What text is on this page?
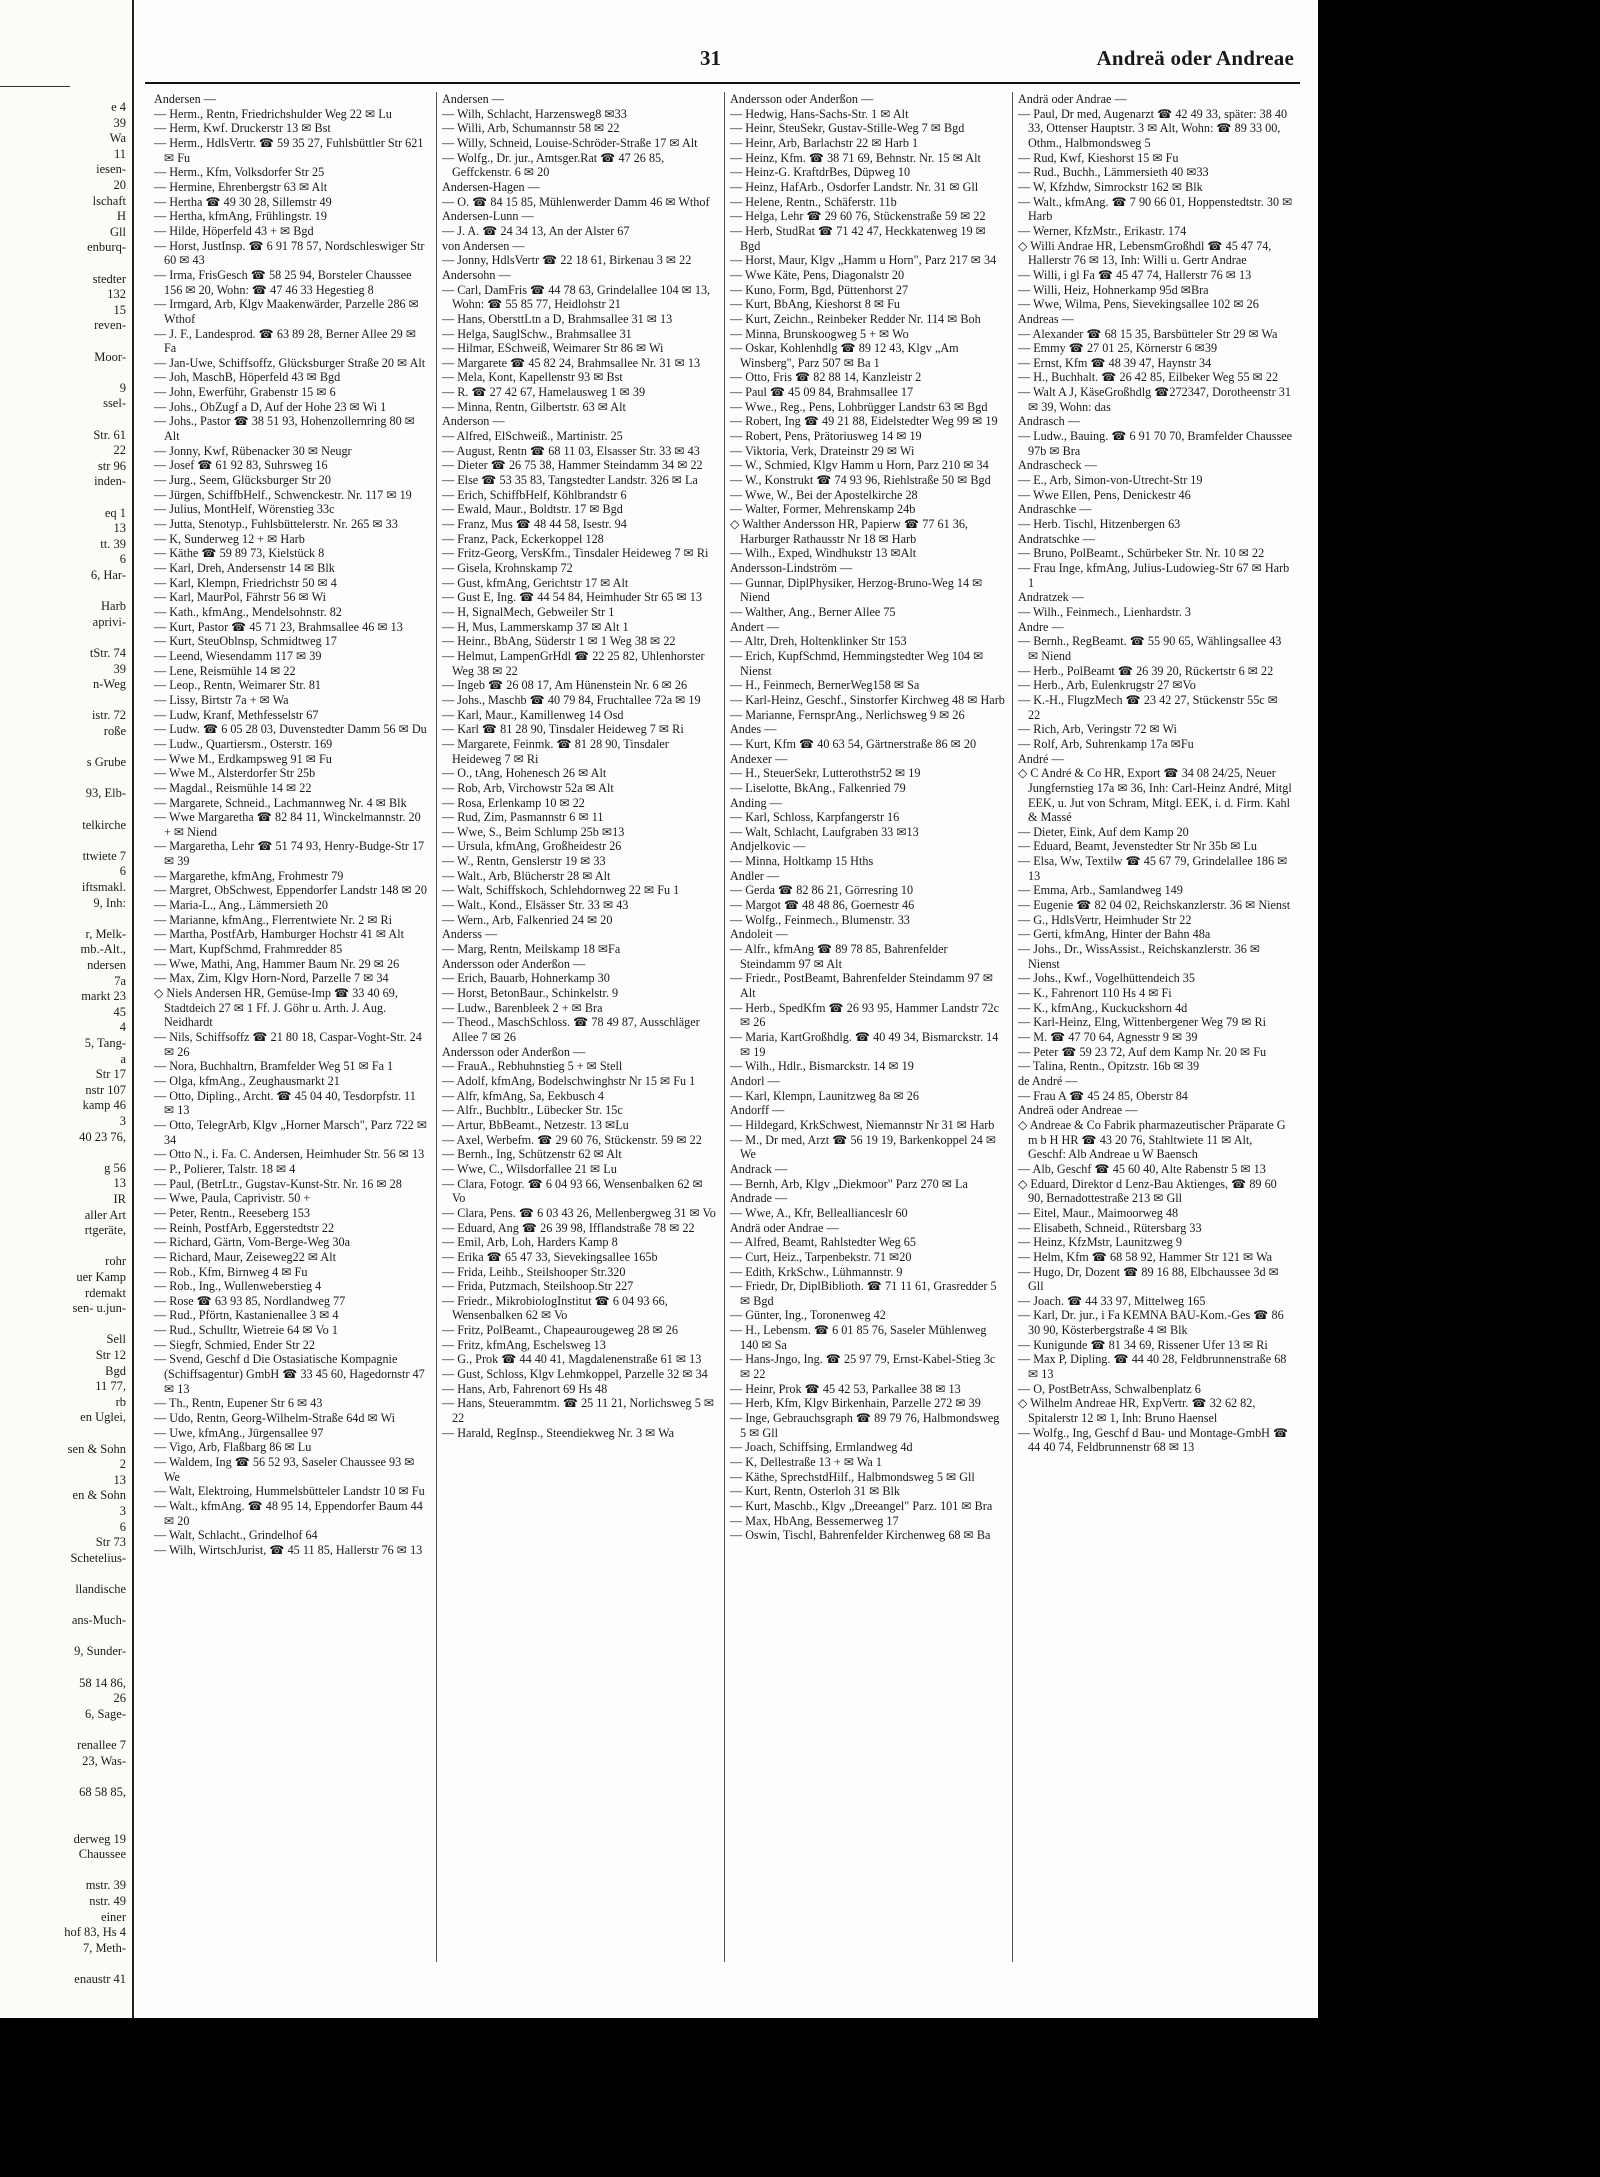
e 4
39
Wa
11
iesen-
20
lschaft
H
Gll
enburq-
stedter
132
15
reven-
Moor-
9
ssel-
Str. 61
22
str 96
inden-
eq 1
13
tt. 39
6
6, Har-
Harb
aprivi-
tStr. 74
39
n-Weg
istr. 72
roße
s Grube
93, Elb-
telkirche
ttwiete 7
6
iftsmakl.
9, Inh:
r, Melk-
mb.-Alt.,
ndersen
7a
markt 23
45
4
5, Tang-
a
Str 17
nstr 107
kamp 46
3
40 23 76,
g 56
13
IR
aller Art
rtgeräte,
rohr
uer Kamp
rdemakt
sen- u.jun-
Sell
Str 12
Bgd
11 77,
rb
en Uglei,
sen & Sohn
2
13
en & Sohn
3
6
Str 73
Schetelius-
llandische
ans-Much-
9, Sunder-
58 14 86,
26
6, Sage-
renallee 7
23, Was-
68 58 85,
derweg 19
Chaussee
mstr. 39
nstr. 49
einer
hof 83, Hs 4
7, Meth-
enaustr 41
31	Andreä oder Andreae

Andersen —

— Herm., Rentn, Friedrichshulder Weg 22 ✉ Lu

— Herm, Kwf. Druckerstr 13 ✉ Bst

— Herm., HdlsVertr. ☎ 59 35 27, Fuhlsbüttler Str 621 ✉ Fu

— Herm., Kfm, Volksdorfer Str 25

— Hermine, Ehrenbergstr 63 ✉ Alt

— Hertha ☎ 49 30 28, Sillemstr 49

— Hertha, kfmAng, Frühlingstr. 19

— Hilde, Höperfeld 43 + ✉ Bgd

— Horst, JustInsp. ☎ 6 91 78 57, Nordschleswiger Str 60 ✉ 43

— Irma, FrisGesch ☎ 58 25 94, Borsteler Chaussee 156 ✉ 20, Wohn: ☎ 47 46 33 Hegestieg 8

— Irmgard, Arb, Klgv Maakenwärder, Parzelle 286 ✉ Wthof

— J. F., Landesprod. ☎ 63 89 28, Berner Allee 29 ✉ Fa

— Jan-Uwe, Schiffsoffz, Glücksburger Straße 20 ✉ Alt

— Joh, MaschB, Höperfeld 43 ✉ Bgd

— John, Ewerführ, Grabenstr 15 ✉ 6

— Johs., ObZugf a D, Auf der Hohe 23 ✉ Wi 1

— Johs., Pastor ☎ 38 51 93, Hohenzollernring 80 ✉ Alt

— Jonny, Kwf, Rübenacker 30 ✉ Neugr

— Josef ☎ 61 92 83, Suhrsweg 16

— Jurg., Seem, Glücksburger Str 20

— Jürgen, SchiffbHelf., Schwenckestr. Nr. 117 ✉ 19

— Julius, MontHelf, Wörenstieg 33c

— Jutta, Stenotyp., Fuhlsbüttelerstr. Nr. 265 ✉ 33

— K, Sunderweg 12 + ✉ Harb

— Käthe ☎ 59 89 73, Kielstück 8

— Karl, Dreh, Andersenstr 14 ✉ Blk

— Karl, Klempn, Friedrichstr 50 ✉ 4

— Karl, MaurPol, Fährstr 56 ✉ Wi

— Kath., kfmAng., Mendelsohnstr. 82

— Kurt, Pastor ☎ 45 71 23, Brahmsallee 46 ✉ 13

— Kurt, SteuOblnsp, Schmidtweg 17

— Leend, Wiesendamm 117 ✉ 39

— Lene, Reismühle 14 ✉ 22

— Leop., Rentn, Weimarer Str. 81

— Lissy, Birtstr 7a + ✉ Wa

— Ludw, Kranf, Methfesselstr 67

— Ludw. ☎ 6 05 28 03, Duvenstedter Damm 56 ✉ Du

— Ludw., Quartiersm., Osterstr. 169

— Wwe M., Erdkampsweg 91 ✉ Fu

— Wwe M., Alsterdorfer Str 25b

— Magdal., Reismühle 14 ✉ 22

— Margarete, Schneid., Lachmannweg Nr. 4 ✉ Blk

— Wwe Margaretha ☎ 82 84 11, Winckelmannstr. 20 + ✉ Niend

— Margaretha, Lehr ☎ 51 74 93, Henry-Budge-Str 17 ✉ 39

— Margarethe, kfmAng, Frohmestr 79

— Margret, ObSchwest, Eppendorfer Landstr 148 ✉ 20

— Maria-L., Ang., Lämmersieth 20

— Marianne, kfmAng., Flerrentwiete Nr. 2 ✉ Ri

— Martha, PostfArb, Hamburger Hochstr 41 ✉ Alt

— Mart, KupfSchmd, Frahmredder 85

— Wwe, Mathi, Ang, Hammer Baum Nr. 29 ✉ 26

— Max, Zim, Klgv Horn-Nord, Parzelle 7 ✉ 34

◇ Niels Andersen HR, Gemüse-Imp ☎ 33 40 69, Stadtdeich 27 ✉ 1 Ff. J. Göhr u. Arth. J. Aug. Neidhardt

— Nils, Schiffsoffz ☎ 21 80 18, Caspar-Voght-Str. 24 ✉ 26

— Nora, Buchhaltrn, Bramfelder Weg 51 ✉ Fa 1

— Olga, kfmAng., Zeughausmarkt 21

— Otto, Dipling., Archt. ☎ 45 04 40, Tesdorpfstr. 11 ✉ 13

— Otto, TelegrArb, Klgv „Horner Marsch", Parz 722 ✉ 34

— Otto N., i. Fa. C. Andersen, Heimhuder Str. 56 ✉ 13

— P., Polierer, Talstr. 18 ✉ 4

— Paul, (BetrLtr., Gugstav-Kunst-Str. Nr. 16 ✉ 28

— Wwe, Paula, Caprivistr. 50 +

— Peter, Rentn., Reeseberg 153

— Reinh, PostfArb, Eggerstedtstr 22

— Richard, Gärtn, Vom-Berge-Weg 30a

— Richard, Maur, Zeiseweg22 ✉ Alt

— Rob., Kfm, Birnweg 4 ✉ Fu

— Rob., Ing., Wullenweberstieg 4

— Rose ☎ 63 93 85, Nordlandweg 77

— Rud., Pförtn, Kastanienallee 3 ✉ 4

— Rud., Schulltr, Wietreie 64 ✉ Vo 1

— Siegfr, Schmied, Ender Str 22

— Svend, Geschf d Die Ostasiatische Kompagnie (Schiffsagentur) GmbH ☎ 33 45 60, Hagedornstr 47 ✉ 13

— Th., Rentn, Eupener Str 6 ✉ 43

— Udo, Rentn, Georg-Wilhelm-Straße 64d ✉ Wi

— Uwe, kfmAng., Jürgensallee 97

— Vigo, Arb, Flaßbarg 86 ✉ Lu

— Waldem, Ing ☎ 56 52 93, Saseler Chaussee 93 ✉ We

— Walt, Elektroing, Hummelsbütteler Landstr 10 ✉ Fu

— Walt., kfmAng. ☎ 48 95 14, Eppendorfer Baum 44 ✉ 20

— Walt, Schlacht., Grindelhof 64

— Wilh, WirtschJurist, ☎ 45 11 85, Hallerstr 76 ✉ 13

Andersen —

— Wilh, Schlacht, Harzensweg8 ✉33

— Willi, Arb, Schumannstr 58 ✉ 22

— Willy, Schneid, Louise-Schröder-Straße 17 ✉ Alt

— Wolfg., Dr. jur., Amtsger.Rat ☎ 47 26 85, Geffckenstr. 6 ✉ 20

Andersen-Hagen —

— O. ☎ 84 15 85, Mühlenwerder Damm 46 ✉ Wthof

Andersen-Lunn —

— J. A. ☎ 24 34 13, An der Alster 67

von Andersen —

— Jonny, HdlsVertr ☎ 22 18 61, Birkenau 3 ✉ 22

Andersohn —

— Carl, DamFris ☎ 44 78 63, Grindelallee 104 ✉ 13, Wohn: ☎ 55 85 77, Heidlohstr 21

— Hans, ObersttLtn a D, Brahmsallee 31 ✉ 13

— Helga, SauglSchw., Brahmsallee 31

— Hilmar, ESchweiß, Weimarer Str 86 ✉ Wi

— Margarete ☎ 45 82 24, Brahmsallee Nr. 31 ✉ 13

— Mela, Kont, Kapellenstr 93 ✉ Bst

— R. ☎ 27 42 67, Hamelausweg 1 ✉ 39

— Minna, Rentn, Gilbertstr. 63 ✉ Alt

Anderson —

— Alfred, ElSchweiß., Martinistr. 25

— August, Rentn ☎ 68 11 03, Elsasser Str. 33 ✉ 43

— Dieter ☎ 26 75 38, Hammer Steindamm 34 ✉ 22

— Else ☎ 53 35 83, Tangstedter Landstr. 326 ✉ La

— Erich, SchiffbHelf, Köhlbrandstr 6

— Ewald, Maur., Boldtstr. 17 ✉ Bgd

— Franz, Mus ☎ 48 44 58, Isestr. 94

— Franz, Pack, Eckerkoppel 128

— Fritz-Georg, VersKfm., Tinsdaler Heideweg 7 ✉ Ri

— Gisela, Krohnskamp 72

— Gust, kfmAng, Gerichtstr 17 ✉ Alt

— Gust E, Ing. ☎ 44 54 84, Heimhuder Str 65 ✉ 13

— H, SignalMech, Gebweiler Str 1

— H, Mus, Lammerskamp 37 ✉ Alt 1

— Heinr., BbAng, Süderstr 1 ✉ 1 Weg 38 ✉ 22

— Helmut, LampenGrHdl ☎ 22 25 82, Uhlenhorster Weg 38 ✉ 22

— Ingeb ☎ 26 08 17, Am Hünenstein Nr. 6 ✉ 26

— Johs., Maschb ☎ 40 79 84, Fruchtallee 72a ✉ 19

— Karl, Maur., Kamillenweg 14 Osd

— Karl ☎ 81 28 90, Tinsdaler Heideweg 7 ✉ Ri

— Margarete, Feinmk. ☎ 81 28 90, Tinsdaler Heideweg 7 ✉ Ri

— O., tAng, Hohenesch 26 ✉ Alt

— Rob, Arb, Virchowstr 52a ✉ Alt

— Rosa, Erlenkamp 10 ✉ 22

— Rud, Zim, Pasmannstr 6 ✉ 11

— Wwe, S., Beim Schlump 25b ✉13

— Ursula, kfmAng, Großheidestr 26

— W., Rentn, Genslerstr 19 ✉ 33

— Walt., Arb, Blücherstr 28 ✉ Alt

— Walt, Schiffskoch, Schlehdornweg 22 ✉ Fu 1

— Walt., Kond., Elsässer Str. 33 ✉ 43

— Wern., Arb, Falkenried 24 ✉ 20

Anderss —

— Marg, Rentn, Meilskamp 18 ✉Fa

Andersson oder Anderßon —

— Erich, Bauarb, Hohnerkamp 30

— Horst, BetonBaur., Schinkelstr. 9

— Ludw., Barenbleek 2 + ✉ Bra

— Theod., MaschSchloss. ☎ 78 49 87, Ausschläger Allee 7 ✉ 26

Andersson oder Anderßon —

— FrauA., Rebhuhnstieg 5 + ✉ Stell

— Adolf, kfmAng, Bodelschwinghstr Nr 15 ✉ Fu 1

— Alfr, kfmAng, Sa, Eekbusch 4

— Alfr., Buchbltr., Lübecker Str. 15c

— Artur, BbBeamt., Netzestr. 13 ✉Lu

— Axel, Werbefm. ☎ 29 60 76, Stückenstr. 59 ✉ 22

— Bernh., Ing, Schützenstr 62 ✉ Alt

— Wwe, C., Wilsdorfallee 21 ✉ Lu

— Clara, Fotogr. ☎ 6 04 93 66, Wensenbalken 62 ✉ Vo

— Clara, Pens. ☎ 6 03 43 26, Mellenbergweg 31 ✉ Vo

— Eduard, Ang ☎ 26 39 98, Ifflandstraße 78 ✉ 22

— Emil, Arb, Loh, Harders Kamp 8

— Erika ☎ 65 47 33, Sievekingsallee 165b

— Frida, Leihb., Steilshooper Str.320

— Frida, Putzmach, Steilshoop.Str 227

— Friedr., MikrobiologInstitut ☎ 6 04 93 66, Wensenbalken 62 ✉ Vo

— Fritz, PolBeamt., Chapeaurougeweg 28 ✉ 26

— Fritz, kfmAng, Eschelsweg 13

— G., Prok ☎ 44 40 41, Magdalenenstraße 61 ✉ 13

— Gust, Schloss, Klgv Lehmkoppel, Parzelle 32 ✉ 34

— Hans, Arb, Fahrenort 69 Hs 48

— Hans, Steuerammtm. ☎ 25 11 21, Norlichsweg 5 ✉ 22

— Harald, RegInsp., Steendiekweg Nr. 3 ✉ Wa

Andersson oder Anderßon —

— Hedwig, Hans-Sachs-Str. 1 ✉ Alt

— Heinr, SteuSekr, Gustav-Stille-Weg 7 ✉ Bgd

— Heinr, Arb, Barlachstr 22 ✉ Harb 1

— Heinz, Kfm. ☎ 38 71 69, Behnstr. Nr. 15 ✉ Alt

— Heinz-G. KraftdrBes, Düpweg 10

— Heinz, HafArb., Osdorfer Landstr. Nr. 31 ✉ Gll

— Helene, Rentn., Schäferstr. 11b

— Helga, Lehr ☎ 29 60 76, Stückenstraße 59 ✉ 22

— Herb, StudRat ☎ 71 42 47, Heckkatenweg 19 ✉ Bgd

— Horst, Maur, Klgv „Hamm u Horn", Parz 217 ✉ 34

— Wwe Käte, Pens, Diagonalstr 20

— Kuno, Form, Bgd, Püttenhorst 27

— Kurt, BbAng, Kieshorst 8 ✉ Fu

— Kurt, Zeichn., Reinbeker Redder Nr. 114 ✉ Boh

— Minna, Brunskoogweg 5 + ✉ Wo

— Oskar, Kohlenhdlg ☎ 89 12 43, Klgv „Am Winsberg", Parz 507 ✉ Ba 1

— Otto, Fris ☎ 82 88 14, Kanzleistr 2

— Paul ☎ 45 09 84, Brahmsallee 17

— Wwe., Reg., Pens, Lohbrügger Landstr 63 ✉ Bgd

— Robert, Ing ☎ 49 21 88, Eidelstedter Weg 99 ✉ 19

— Robert, Pens, Prätoriusweg 14 ✉ 19

— Viktoria, Verk, Drateinstr 29 ✉ Wi

— W., Schmied, Klgv Hamm u Horn, Parz 210 ✉ 34

— W., Konstrukt ☎ 74 93 96, Riehlstraße 50 ✉ Bgd

— Wwe, W., Bei der Apostelkirche 28

— Walter, Former, Mehrenskamp 24b

◇ Walther Andersson HR, Papierw ☎ 77 61 36, Harburger Rathausstr Nr 18 ✉ Harb

— Wilh., Exped, Windhukstr 13 ✉Alt

Andersson-Lindström —

— Gunnar, DiplPhysiker, Herzog-Bruno-Weg 14 ✉ Niend

— Walther, Ang., Berner Allee 75

Andert —

— Altr, Dreh, Holtenklinker Str 153

— Erich, KupfSchmd, Hemmingstedter Weg 104 ✉ Nienst

— H., Feinmech, BernerWeg158 ✉ Sa

— Karl-Heinz, Geschf., Sinstorfer Kirchweg 48 ✉ Harb

— Marianne, FernsprAng., Nerlichsweg 9 ✉ 26

Andes —

— Kurt, Kfm ☎ 40 63 54, Gärtnerstraße 86 ✉ 20

Andexer —

— H., SteuerSekr, Lutterothstr52 ✉ 19

— Liselotte, BkAng., Falkenried 79

Anding —

— Karl, Schloss, Karpfangerstr 16

— Walt, Schlacht, Laufgraben 33 ✉13

Andjelkovic —

— Minna, Holtkamp 15 Hths

Andler —

— Gerda ☎ 82 86 21, Görresring 10

— Margot ☎ 48 48 86, Goernestr 46

— Wolfg., Feinmech., Blumenstr. 33

Andoleit —

— Alfr., kfmAng ☎ 89 78 85, Bahrenfelder Steindamm 97 ✉ Alt

— Friedr., PostBeamt, Bahrenfelder Steindamm 97 ✉ Alt

— Herb., SpedKfm ☎ 26 93 95, Hammer Landstr 72c ✉ 26

— Maria, KartGroßhdlg. ☎ 40 49 34, Bismarckstr. 14 ✉ 19

— Wilh., Hdlr., Bismarckstr. 14 ✉ 19

Andorl —

— Karl, Klempn, Launitzweg 8a ✉ 26

Andorff —

— Hildegard, KrkSchwest, Niemannstr Nr 31 ✉ Harb

— M., Dr med, Arzt ☎ 56 19 19, Barkenkoppel 24 ✉ We

Andrack —

— Bernh, Arb, Klgv „Diekmoor" Parz 270 ✉ La

Andrade —

— Wwe, A., Kfr, Belleallianceslr 60

Andrä oder Andrae —

— Alfred, Beamt, Rahlstedter Weg 65

— Curt, Heiz., Tarpenbekstr. 71 ✉20

— Edith, KrkSchw., Lühmannstr. 9

— Friedr, Dr, DiplBiblioth. ☎ 71 11 61, Grasredder 5 ✉ Bgd

— Günter, Ing., Toronenweg 42

— H., Lebensm. ☎ 6 01 85 76, Saseler Mühlenweg 140 ✉ Sa

— Hans-Jngo, Ing. ☎ 25 97 79, Ernst-Kabel-Stieg 3c ✉ 22

— Heinr, Prok ☎ 45 42 53, Parkallee 38 ✉ 13

— Herb, Kfm, Klgv Birkenhain, Parzelle 272 ✉ 39

— Inge, Gebrauchsgraph ☎ 89 79 76, Halbmondsweg 5 ✉ Gll

— Joach, Schiffsing, Ermlandweg 4d

— K, Dellestraße 13 + ✉ Wa 1

— Käthe, SprechstdHilf., Halbmondsweg 5 ✉ Gll

— Kurt, Rentn, Osterloh 31 ✉ Blk

— Kurt, Maschb., Klgv „Dreeangel" Parz. 101 ✉ Bra

— Max, HbAng, Bessemerweg 17

— Oswin, Tischl, Bahrenfelder Kirchenweg 68 ✉ Ba

Andrä oder Andrae —

— Paul, Dr med, Augenarzt ☎ 42 49 33, später: 38 40 33, Ottenser Hauptstr. 3 ✉ Alt, Wohn: ☎ 89 33 00, Othm., Halbmondsweg 5

— Rud, Kwf, Kieshorst 15 ✉ Fu

— Rud., Buchh., Lämmersieth 40 ✉33

— W, Kfzhdw, Simrockstr 162 ✉ Blk

— Walt., kfmAng. ☎ 7 90 66 01, Hoppenstedtstr. 30 ✉ Harb

— Werner, KfzMstr., Erikastr. 174

◇ Willi Andrae HR, LebensmGroßhdl ☎ 45 47 74, Hallerstr 76 ✉ 13, Inh: Willi u. Gertr Andrae

— Willi, i gl Fa ☎ 45 47 74, Hallerstr 76 ✉ 13

— Willi, Heiz, Hohnerkamp 95d ✉Bra

— Wwe, Wilma, Pens, Sievekingsallee 102 ✉ 26

Andreas —

— Alexander ☎ 68 15 35, Barsbütteler Str 29 ✉ Wa

— Emmy ☎ 27 01 25, Körnerstr 6 ✉39

— Ernst, Kfm ☎ 48 39 47, Haynstr 34

— H., Buchhalt. ☎ 26 42 85, Eilbeker Weg 55 ✉ 22

— Walt A J, KäseGroßhdlg ☎272347, Dorotheenstr 31 ✉ 39, Wohn: das

Andrasch —

— Ludw., Bauing. ☎ 6 91 70 70, Bramfelder Chaussee 97b ✉ Bra

Andrascheck —

— E., Arb, Simon-von-Utrecht-Str 19

— Wwe Ellen, Pens, Denickestr 46

Andraschke —

— Herb. Tischl, Hitzenbergen 63

Andratschke —

— Bruno, PolBeamt., Schürbeker Str. Nr. 10 ✉ 22

— Frau Inge, kfmAng, Julius-Ludowieg-Str 67 ✉ Harb 1

Andratzek —

— Wilh., Feinmech., Lienhardstr. 3

Andre —

— Bernh., RegBeamt. ☎ 55 90 65, Wählingsallee 43 ✉ Niend

— Herb., PolBeamt ☎ 26 39 20, Rückertstr 6 ✉ 22

— Herb., Arb, Eulenkrugstr 27 ✉Vo

— K.-H., FlugzMech ☎ 23 42 27, Stückenstr 55c ✉ 22

— Rich, Arb, Veringstr 72 ✉ Wi

— Rolf, Arb, Suhrenkamp 17a ✉Fu

André —

◇ C André & Co HR, Export ☎ 34 08 24/25, Neuer Jungfernstieg 17a ✉ 36, Inh: Carl-Heinz André, Mitgl EEK, u. Jut von Schram, Mitgl. EEK, i. d. Firm. Kahl & Massé

— Dieter, Eink, Auf dem Kamp 20

— Eduard, Beamt, Jevenstedter Str Nr 35b ✉ Lu

— Elsa, Ww, Textilw ☎ 45 67 79, Grindelallee 186 ✉ 13

— Emma, Arb., Samlandweg 149

— Eugenie ☎ 82 04 02, Reichskanzlerstr. 36 ✉ Nienst

— G., HdlsVertr, Heimhuder Str 22

— Gerti, kfmAng, Hinter der Bahn 48a

— Johs., Dr., WissAssist., Reichskanzlerstr. 36 ✉ Nienst

— Johs., Kwf., Vogelhüttendeich 35

— K., Fahrenort 110 Hs 4 ✉ Fi

— K., kfmAng., Kuckuckshorn 4d

— Karl-Heinz, Elng, Wittenbergener Weg 79 ✉ Ri

— M. ☎ 47 70 64, Agnesstr 9 ✉ 39

— Peter ☎ 59 23 72, Auf dem Kamp Nr. 20 ✉ Fu

— Talina, Rentn., Opitzstr. 16b ✉ 39

de André —

— Frau A ☎ 45 24 85, Oberstr 84

Andreä oder Andreae —

◇ Andreae & Co Fabrik pharmazeutischer Präparate G m b H HR ☎ 43 20 76, Stahltwiete 11 ✉ Alt, Geschf: Alb Andreae u W Baensch

— Alb, Geschf ☎ 45 60 40, Alte Rabenstr 5 ✉ 13

◇ Eduard, Direktor d Lenz-Bau Aktienges, ☎ 89 60 90, Bernadottestraße 213 ✉ Gll

— Eitel, Maur., Maimoorweg 48

— Elisabeth, Schneid., Rütersbarg 33

— Heinz, KfzMstr, Launitzweg 9

— Helm, Kfm ☎ 68 58 92, Hammer Str 121 ✉ Wa

— Hugo, Dr, Dozent ☎ 89 16 88, Elbchaussee 3d ✉ Gll

— Joach. ☎ 44 33 97, Mittelweg 165

— Karl, Dr. jur., i Fa KEMNA BAU-Kom.-Ges ☎ 86 30 90, Kösterbergstraße 4 ✉ Blk

— Kunigunde ☎ 81 34 69, Rissener Ufer 13 ✉ Ri

— Max P, Dipling. ☎ 44 40 28, Feldbrunnenstraße 68 ✉ 13

— O, PostBetrAss, Schwalbenplatz 6

◇ Wilhelm Andreae HR, ExpVertr. ☎ 32 62 82, Spitalerstr 12 ✉ 1, Inh: Bruno Haensel

— Wolfg., Ing, Geschf d Bau- und Montage-GmbH ☎ 44 40 74, Feldbrunnenstr 68 ✉ 13
